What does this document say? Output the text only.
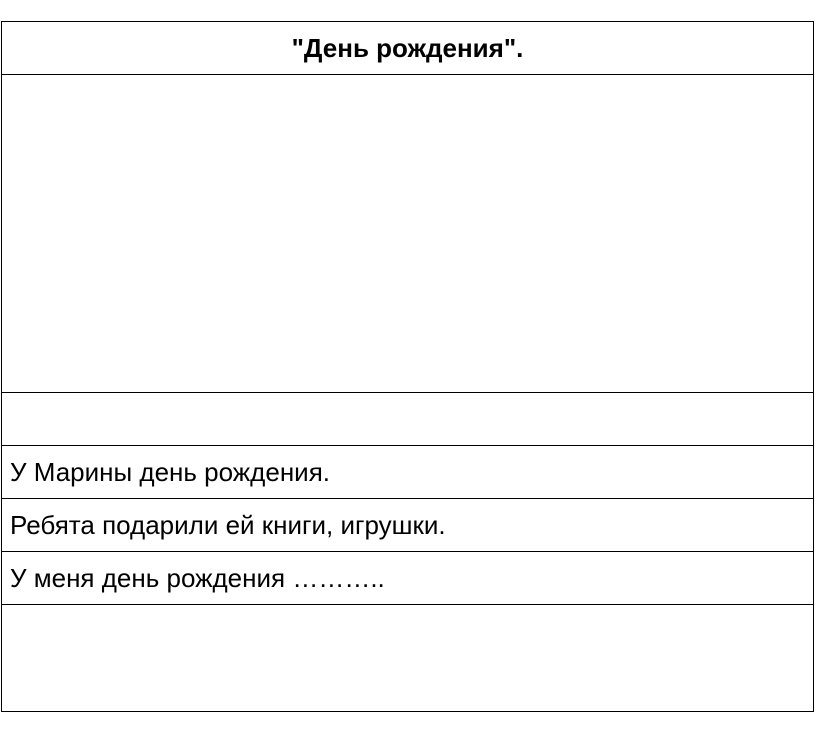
"День рождения".

У Марины день рождения.
Ребята подарили ей книги, игрушки.
У меня день рождения ………..
